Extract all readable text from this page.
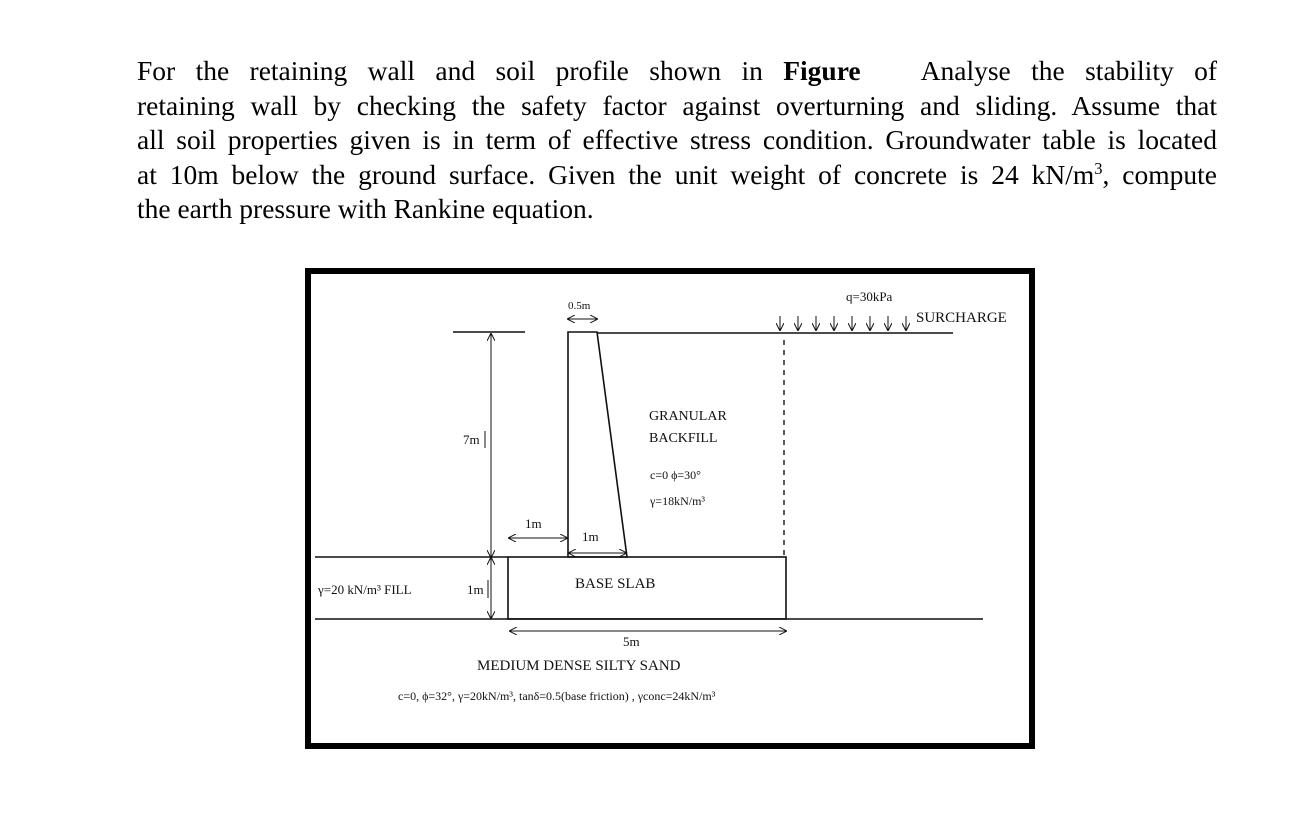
For the retaining wall and soil profile shown in Figure Analyse the stability of
retaining wall by checking the safety factor against overturning and sliding. Assume that
all soil properties given is in term of effective stress condition. Groundwater table is located
at 10m below the ground surface. Given the unit weight of concrete is 24 $kN/m^3$, compute
the earth pressure with Rankine equation.
0.5m
7m
1m
1m
q=30kPa
SURCHARGE
GRANULAR
BACKFILL
c=0 ϕ=30°
γ=18kN/m³
γ=20 kN/m³ FILL	1m	BASE SLAB
5m
MEDIUM DENSE SILTY SAND
c=0, ϕ=32°, γ=20kN/m³, tanδ=0.5(base friction) , γconc=24kN/m³
